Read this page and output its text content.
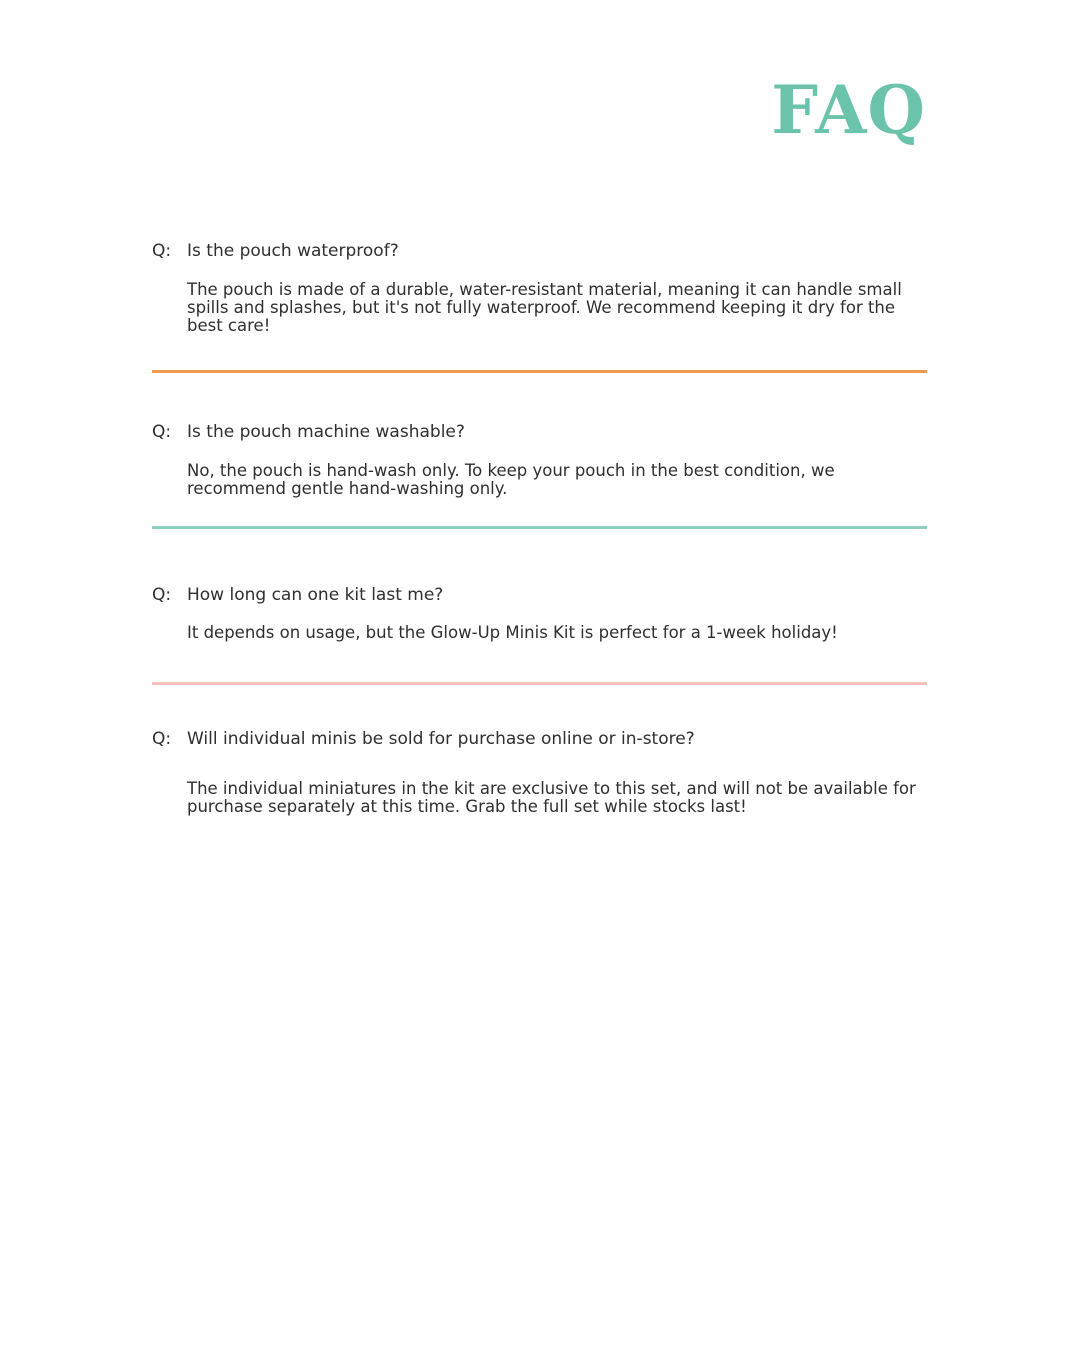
FAQ
Q: Is the pouch waterproof?

The pouch is made of a durable, water-resistant material, meaning it can handle small spills and splashes, but it's not fully waterproof. We recommend keeping it dry for the best care!

Q: Is the pouch machine washable?

No, the pouch is hand-wash only. To keep your pouch in the best condition, we recommend gentle hand-washing only.

Q: How long can one kit last me?

It depends on usage, but the Glow-Up Minis Kit is perfect for a 1-week holiday!

Q: Will individual minis be sold for purchase online or in-store?

The individual miniatures in the kit are exclusive to this set, and will not be available for purchase separately at this time. Grab the full set while stocks last!
